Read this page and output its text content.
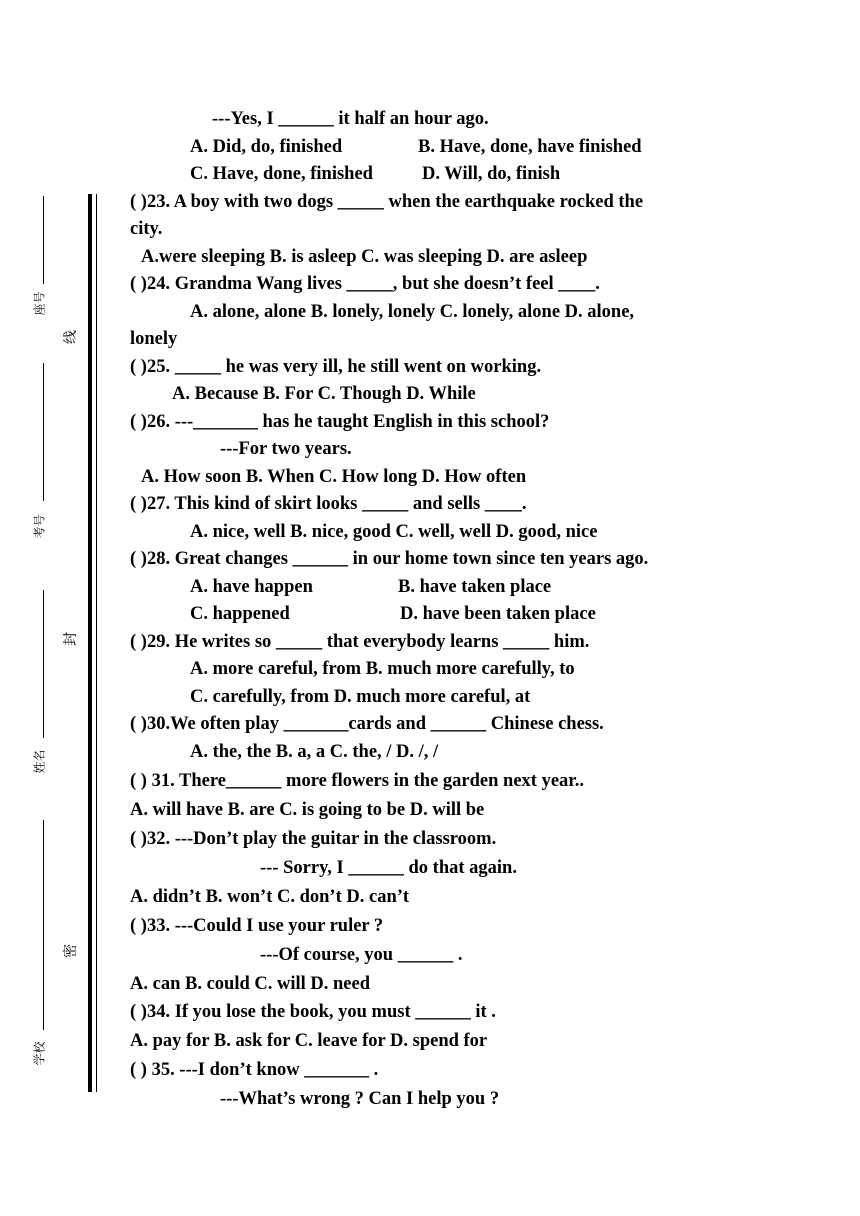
座号
考号
姓名
学校
线
封
密
---Yes, I ______ it half an hour ago.
A. Did, do, finished	B. Have, done, have finished
C. Have, done, finished	D. Will, do, finish
( )23. A boy with two dogs _____ when the earthquake rocked the
city.
A.were sleeping B. is asleep C. was sleeping D. are asleep
( )24. Grandma Wang lives _____, but she doesn’t feel ____.
A. alone, alone B. lonely, lonely C. lonely, alone D. alone,
lonely
( )25. _____ he was very ill, he still went on working.
A. Because B. For C. Though D. While
( )26. ---_______ has he taught English in this school?
---For two years.
A. How soon B. When C. How long D. How often
( )27. This kind of skirt looks _____ and sells ____.
A. nice, well B. nice, good C. well, well D. good, nice
( )28. Great changes ______ in our home town since ten years ago.
A. have happen	B. have taken place
C. happened	D. have been taken place
( )29. He writes so _____ that everybody learns _____ him.
A. more careful, from B. much more carefully, to
C. carefully, from D. much more careful, at
( )30.We often play _______cards and ______ Chinese chess.
A. the, the B. a, a C. the, / D. /, /
( ) 31. There______ more flowers in the garden next year..
A. will have B. are C. is going to be D. will be
( )32. ---Don’t play the guitar in the classroom.
--- Sorry, I ______ do that again.
A. didn’t B. won’t C. don’t D. can’t
( )33. ---Could I use your ruler ?
---Of course, you ______ .
A. can B. could C. will D. need
( )34. If you lose the book, you must ______ it .
A. pay for B. ask for C. leave for D. spend for
( ) 35. ---I don’t know _______ .
---What’s wrong ? Can I help you ?
